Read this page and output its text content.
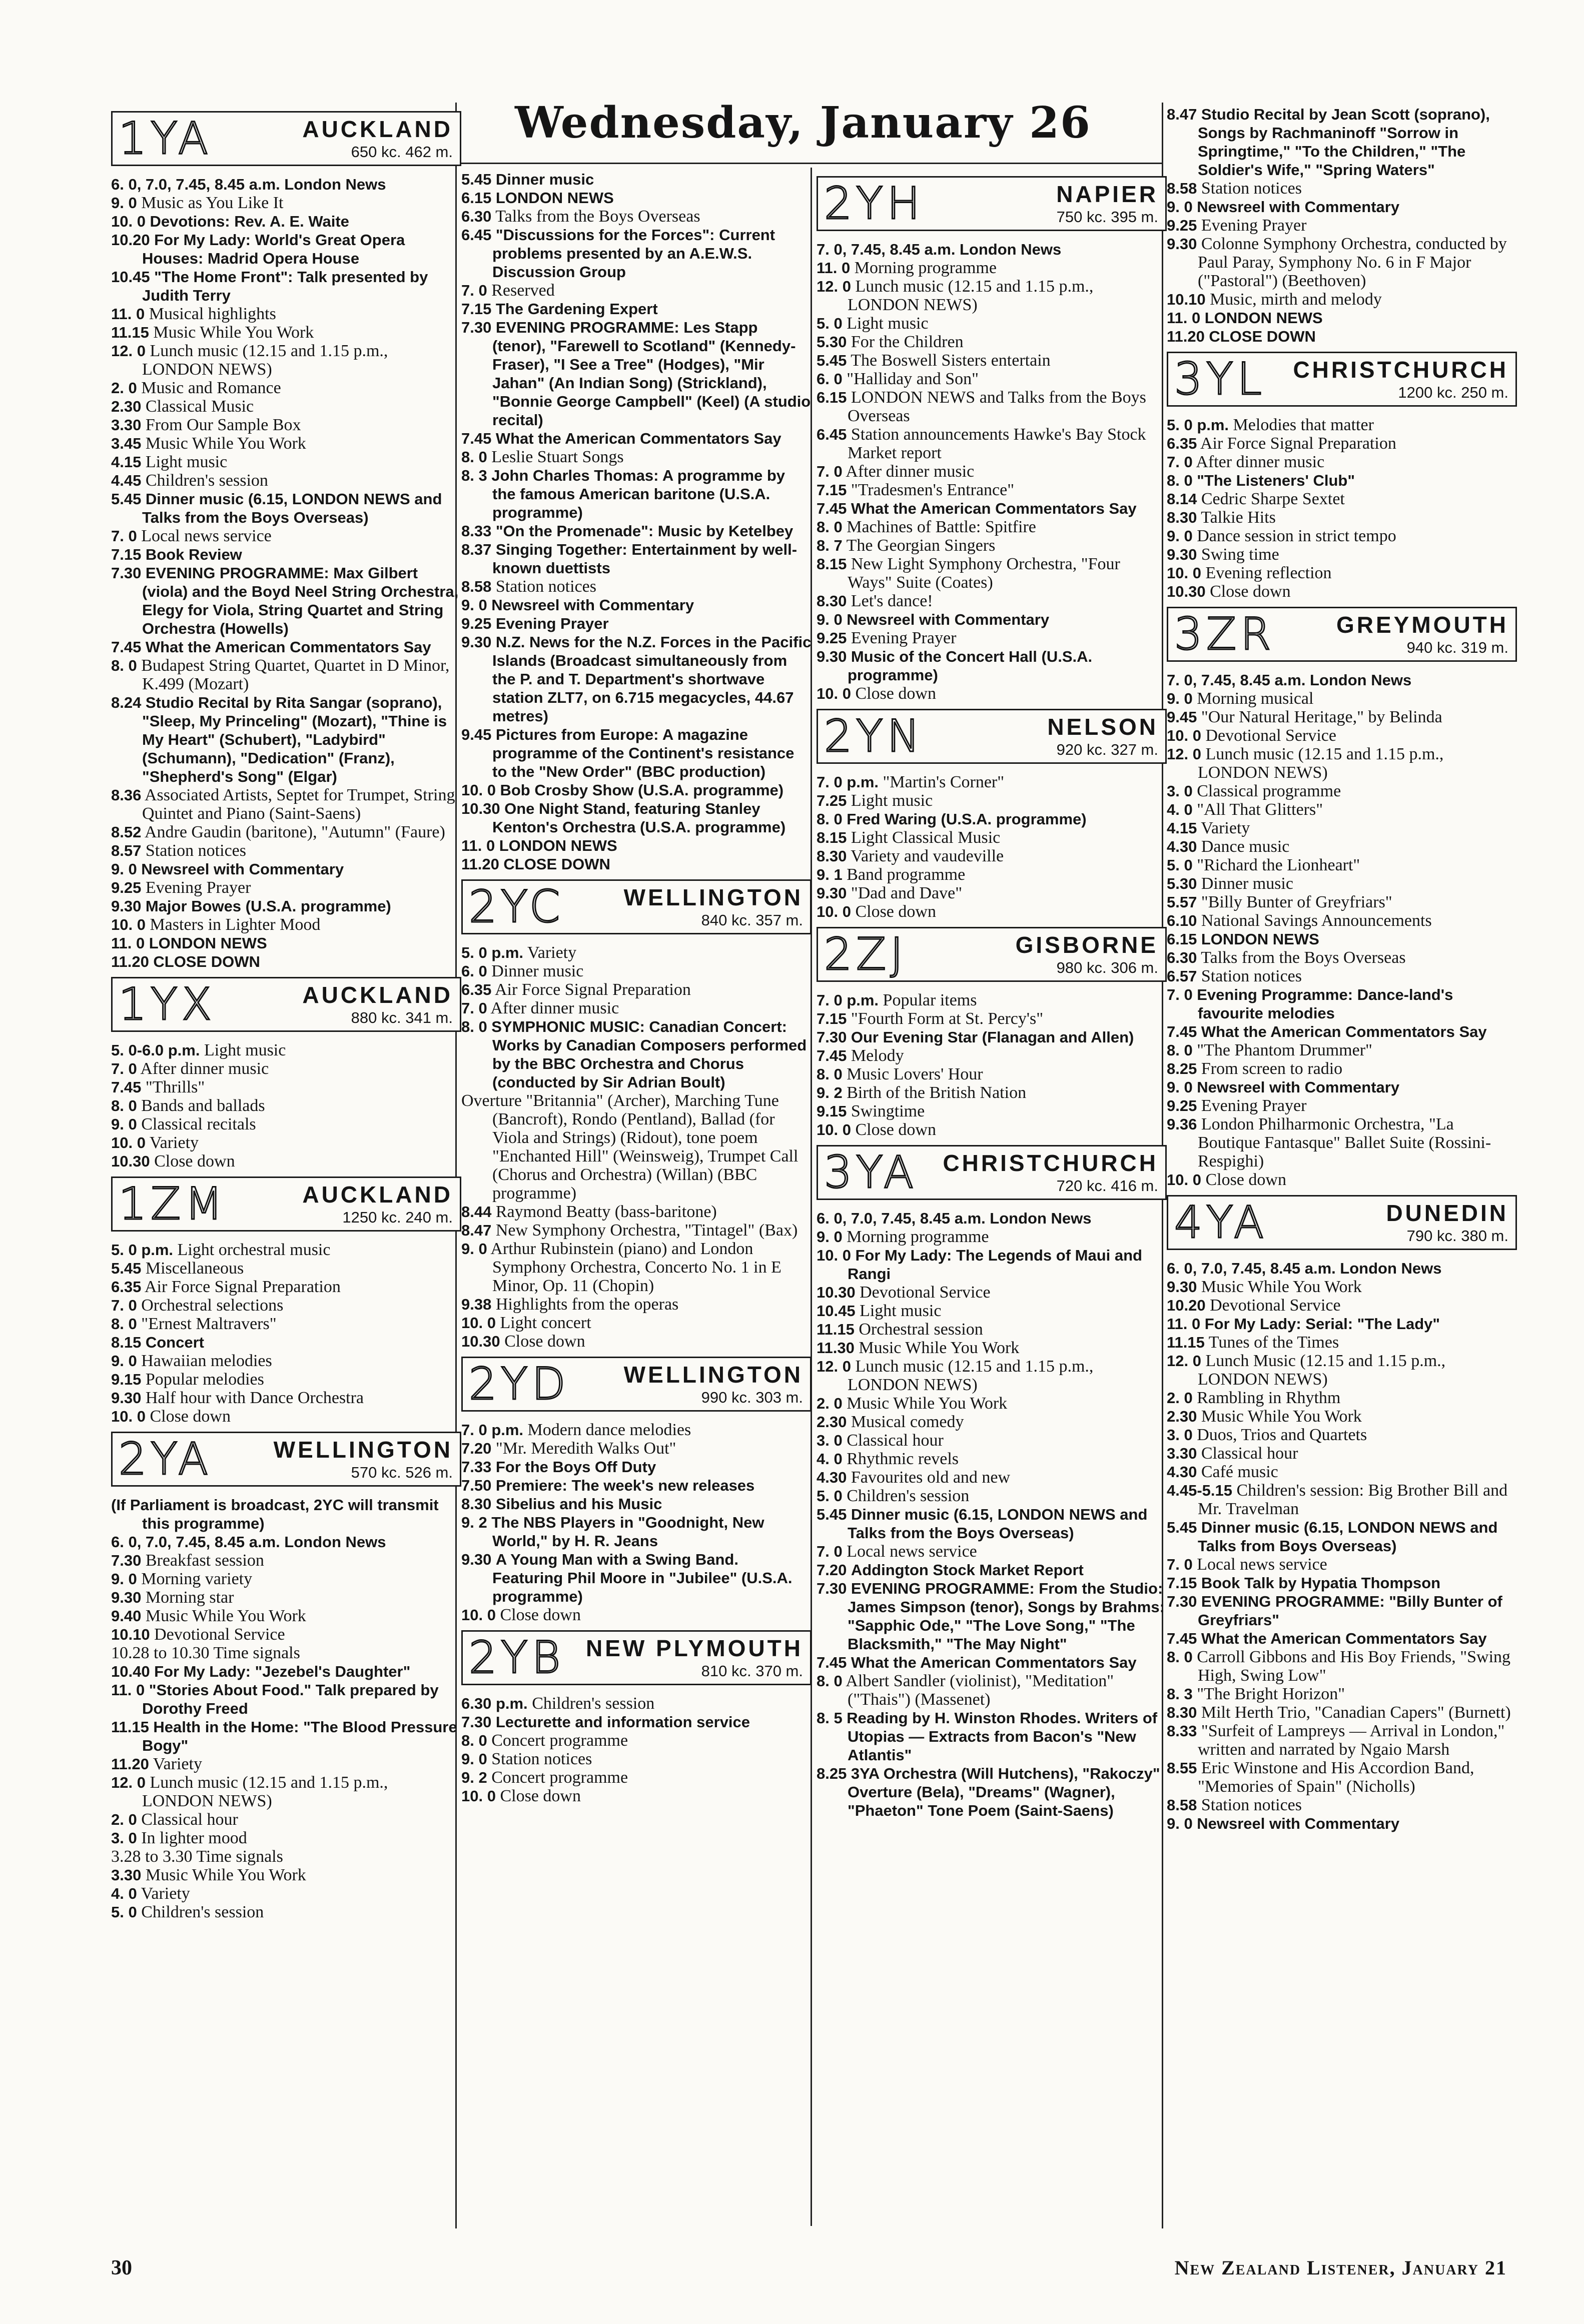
Wednesday, January 26
1YA	AUCKLAND
650 kc. 462 m.

6. 0, 7.0, 7.45, 8.45 a.m. London News

9. 0 Music as You Like It

10. 0 Devotions: Rev. A. E. Waite

10.20 For My Lady: World's Great Opera Houses: Madrid Opera House

10.45 "The Home Front": Talk presented by Judith Terry

11. 0 Musical highlights

11.15 Music While You Work

12. 0 Lunch music (12.15 and 1.15 p.m., LONDON NEWS)

2. 0 Music and Romance

2.30 Classical Music

3.30 From Our Sample Box

3.45 Music While You Work

4.15 Light music

4.45 Children's session

5.45 Dinner music (6.15, LONDON NEWS and Talks from the Boys Overseas)

7. 0 Local news service

7.15 Book Review

7.30 EVENING PROGRAMME: Max Gilbert (viola) and the Boyd Neel String Orchestra, Elegy for Viola, String Quartet and String Orchestra (Howells)

7.45 What the American Commentators Say

8. 0 Budapest String Quartet, Quartet in D Minor, K.499 (Mozart)

8.24 Studio Recital by Rita Sangar (soprano), "Sleep, My Princeling" (Mozart), "Thine is My Heart" (Schubert), "Ladybird" (Schumann), "Dedication" (Franz), "Shepherd's Song" (Elgar)

8.36 Associated Artists, Septet for Trumpet, String Quintet and Piano (Saint-Saens)

8.52 Andre Gaudin (baritone), "Autumn" (Faure)

8.57 Station notices

9. 0 Newsreel with Commentary

9.25 Evening Prayer

9.30 Major Bowes (U.S.A. programme)

10. 0 Masters in Lighter Mood

11. 0 LONDON NEWS

11.20 CLOSE DOWN

1YX	AUCKLAND
880 kc. 341 m.

5. 0-6.0 p.m. Light music

7. 0 After dinner music

7.45 "Thrills"

8. 0 Bands and ballads

9. 0 Classical recitals

10. 0 Variety

10.30 Close down

1ZM	AUCKLAND
1250 kc. 240 m.

5. 0 p.m. Light orchestral music

5.45 Miscellaneous

6.35 Air Force Signal Preparation

7. 0 Orchestral selections

8. 0 "Ernest Maltravers"

8.15 Concert

9. 0 Hawaiian melodies

9.15 Popular melodies

9.30 Half hour with Dance Orchestra

10. 0 Close down

2YA	WELLINGTON
570 kc. 526 m.

(If Parliament is broadcast, 2YC will transmit this programme)

6. 0, 7.0, 7.45, 8.45 a.m. London News

7.30 Breakfast session

9. 0 Morning variety

9.30 Morning star

9.40 Music While You Work

10.10 Devotional Service

10.28 to 10.30 Time signals

10.40 For My Lady: "Jezebel's Daughter"

11. 0 "Stories About Food." Talk prepared by Dorothy Freed

11.15 Health in the Home: "The Blood Pressure Bogy"

11.20 Variety

12. 0 Lunch music (12.15 and 1.15 p.m., LONDON NEWS)

2. 0 Classical hour

3. 0 In lighter mood

3.28 to 3.30 Time signals

3.30 Music While You Work

4. 0 Variety

5. 0 Children's session

5.45 Dinner music

6.15 LONDON NEWS

6.30 Talks from the Boys Overseas

6.45 "Discussions for the Forces": Current problems presented by an A.E.W.S. Discussion Group

7. 0 Reserved

7.15 The Gardening Expert

7.30 EVENING PROGRAMME: Les Stapp (tenor), "Farewell to Scotland" (Kennedy-Fraser), "I See a Tree" (Hodges), "Mir Jahan" (An Indian Song) (Strickland), "Bonnie George Campbell" (Keel) (A studio recital)

7.45 What the American Commentators Say

8. 0 Leslie Stuart Songs

8. 3 John Charles Thomas: A programme by the famous American baritone (U.S.A. programme)

8.33 "On the Promenade": Music by Ketelbey

8.37 Singing Together: Entertainment by well-known duettists

8.58 Station notices

9. 0 Newsreel with Commentary

9.25 Evening Prayer

9.30 N.Z. News for the N.Z. Forces in the Pacific Islands (Broadcast simultaneously from the P. and T. Department's shortwave station ZLT7, on 6.715 megacycles, 44.67 metres)

9.45 Pictures from Europe: A magazine programme of the Continent's resistance to the "New Order" (BBC production)

10. 0 Bob Crosby Show (U.S.A. programme)

10.30 One Night Stand, featuring Stanley Kenton's Orchestra (U.S.A. programme)

11. 0 LONDON NEWS

11.20 CLOSE DOWN

2YC	WELLINGTON
840 kc. 357 m.

5. 0 p.m. Variety

6. 0 Dinner music

6.35 Air Force Signal Preparation

7. 0 After dinner music

8. 0 SYMPHONIC MUSIC: Canadian Concert: Works by Canadian Composers performed by the BBC Orchestra and Chorus (conducted by Sir Adrian Boult)

Overture "Britannia" (Archer), Marching Tune (Bancroft), Rondo (Pentland), Ballad (for Viola and Strings) (Ridout), tone poem "Enchanted Hill" (Weinsweig), Trumpet Call (Chorus and Orchestra) (Willan) (BBC programme)

8.44 Raymond Beatty (bass-baritone)

8.47 New Symphony Orchestra, "Tintagel" (Bax)

9. 0 Arthur Rubinstein (piano) and London Symphony Orchestra, Concerto No. 1 in E Minor, Op. 11 (Chopin)

9.38 Highlights from the operas

10. 0 Light concert

10.30 Close down

2YD WELLINGTON
990 kc. 303 m.

7. 0 p.m. Modern dance melodies

7.20 "Mr. Meredith Walks Out"

7.33 For the Boys Off Duty

7.50 Premiere: The week's new releases

8.30 Sibelius and his Music

9. 2 The NBS Players in "Goodnight, New World," by H. R. Jeans

9.30 A Young Man with a Swing Band. Featuring Phil Moore in "Jubilee" (U.S.A. programme)

10. 0 Close down

2YB NEW PLYMOUTH
810 kc. 370 m.

6.30 p.m. Children's session

7.30 Lecturette and information service

8. 0 Concert programme

9. 0 Station notices

9. 2 Concert programme

10. 0 Close down

2YH	NAPIER
750 kc. 395 m.

7. 0, 7.45, 8.45 a.m. London News

11. 0 Morning programme

12. 0 Lunch music (12.15 and 1.15 p.m., LONDON NEWS)

5. 0 Light music

5.30 For the Children

5.45 The Boswell Sisters entertain

6. 0 "Halliday and Son"

6.15 LONDON NEWS and Talks from the Boys Overseas

6.45 Station announcements Hawke's Bay Stock Market report

7. 0 After dinner music

7.15 "Tradesmen's Entrance"

7.45 What the American Commentators Say

8. 0 Machines of Battle: Spitfire

8. 7 The Georgian Singers

8.15 New Light Symphony Orchestra, "Four Ways" Suite (Coates)

8.30 Let's dance!

9. 0 Newsreel with Commentary

9.25 Evening Prayer

9.30 Music of the Concert Hall (U.S.A. programme)

10. 0 Close down

2YN	NELSON
920 kc. 327 m.

7. 0 p.m. "Martin's Corner"

7.25 Light music

8. 0 Fred Waring (U.S.A. programme)

8.15 Light Classical Music

8.30 Variety and vaudeville

9. 1 Band programme

9.30 "Dad and Dave"

10. 0 Close down

2ZJ	GISBORNE
980 kc. 306 m.

7. 0 p.m. Popular items

7.15 "Fourth Form at St. Percy's"

7.30 Our Evening Star (Flanagan and Allen)

7.45 Melody

8. 0 Music Lovers' Hour

9. 2 Birth of the British Nation

9.15 Swingtime

10. 0 Close down

3YA CHRISTCHURCH
720 kc. 416 m.

6. 0, 7.0, 7.45, 8.45 a.m. London News

9. 0 Morning programme

10. 0 For My Lady: The Legends of Maui and Rangi

10.30 Devotional Service

10.45 Light music

11.15 Orchestral session

11.30 Music While You Work

12. 0 Lunch music (12.15 and 1.15 p.m., LONDON NEWS)

2. 0 Music While You Work

2.30 Musical comedy

3. 0 Classical hour

4. 0 Rhythmic revels

4.30 Favourites old and new

5. 0 Children's session

5.45 Dinner music (6.15, LONDON NEWS and Talks from the Boys Overseas)

7. 0 Local news service

7.20 Addington Stock Market Report

7.30 EVENING PROGRAMME: From the Studio: James Simpson (tenor), Songs by Brahms: "Sapphic Ode," "The Love Song," "The Blacksmith," "The May Night"

7.45 What the American Commentators Say

8. 0 Albert Sandler (violinist), "Meditation" ("Thais") (Massenet)

8. 5 Reading by H. Winston Rhodes. Writers of Utopias — Extracts from Bacon's "New Atlantis"

8.25 3YA Orchestra (Will Hutchens), "Rakoczy" Overture (Bela), "Dreams" (Wagner), "Phaeton" Tone Poem (Saint-Saens)

8.47 Studio Recital by Jean Scott (soprano), Songs by Rachmaninoff "Sorrow in Springtime," "To the Children," "The Soldier's Wife," "Spring Waters"

8.58 Station notices

9. 0 Newsreel with Commentary

9.25 Evening Prayer

9.30 Colonne Symphony Orchestra, conducted by Paul Paray, Symphony No. 6 in F Major ("Pastoral") (Beethoven)

10.10 Music, mirth and melody

11. 0 LONDON NEWS

11.20 CLOSE DOWN

3YL CHRISTCHURCH
1200 kc. 250 m.

5. 0 p.m. Melodies that matter

6.35 Air Force Signal Preparation

7. 0 After dinner music

8. 0 "The Listeners' Club"

8.14 Cedric Sharpe Sextet

8.30 Talkie Hits

9. 0 Dance session in strict tempo

9.30 Swing time

10. 0 Evening reflection

10.30 Close down

3ZR	GREYMOUTH
940 kc. 319 m.

7. 0, 7.45, 8.45 a.m. London News

9. 0 Morning musical

9.45 "Our Natural Heritage," by Belinda

10. 0 Devotional Service

12. 0 Lunch music (12.15 and 1.15 p.m., LONDON NEWS)

3. 0 Classical programme

4. 0 "All That Glitters"

4.15 Variety

4.30 Dance music

5. 0 "Richard the Lionheart"

5.30 Dinner music

5.57 "Billy Bunter of Greyfriars"

6.10 National Savings Announcements

6.15 LONDON NEWS

6.30 Talks from the Boys Overseas

6.57 Station notices

7. 0 Evening Programme: Dance-land's favourite melodies

7.45 What the American Commentators Say

8. 0 "The Phantom Drummer"

8.25 From screen to radio

9. 0 Newsreel with Commentary

9.25 Evening Prayer

9.36 London Philharmonic Orchestra, "La Boutique Fantasque" Ballet Suite (Rossini-Respighi)

10. 0 Close down

4YA	DUNEDIN
790 kc. 380 m.

6. 0, 7.0, 7.45, 8.45 a.m. London News

9.30 Music While You Work

10.20 Devotional Service

11. 0 For My Lady: Serial: "The Lady"

11.15 Tunes of the Times

12. 0 Lunch Music (12.15 and 1.15 p.m., LONDON NEWS)

2. 0 Rambling in Rhythm

2.30 Music While You Work

3. 0 Duos, Trios and Quartets

3.30 Classical hour

4.30 Café music

4.45-5.15 Children's session: Big Brother Bill and Mr. Travelman

5.45 Dinner music (6.15, LONDON NEWS and Talks from Boys Overseas)

7. 0 Local news service

7.15 Book Talk by Hypatia Thompson

7.30 EVENING PROGRAMME: "Billy Bunter of Greyfriars"

7.45 What the American Commentators Say

8. 0 Carroll Gibbons and His Boy Friends, "Swing High, Swing Low"

8. 3 "The Bright Horizon"

8.30 Milt Herth Trio, "Canadian Capers" (Burnett)

8.33 "Surfeit of Lampreys — Arrival in London," written and narrated by Ngaio Marsh

8.55 Eric Winstone and His Accordion Band, "Memories of Spain" (Nicholls)

8.58 Station notices

9. 0 Newsreel with Commentary

30	New Zealand Listener, January 21
